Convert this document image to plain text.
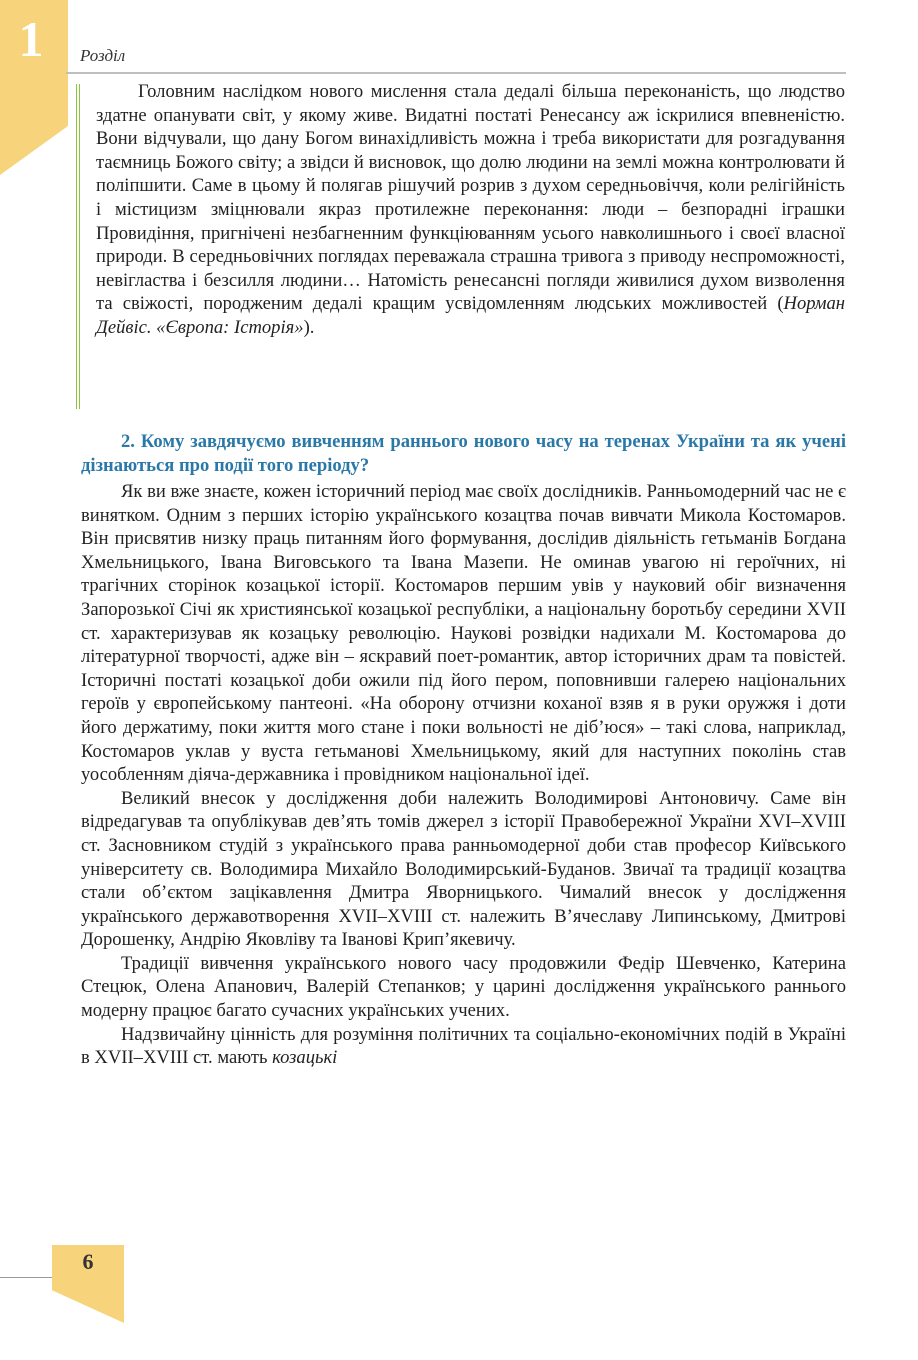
1	Розділ

Головним наслідком нового мислення стала дедалі більша переконаність, що людство здатне опанувати світ, у якому живе. Видатні постаті Ренесансу аж іскрилися впевненістю. Вони відчували, що дану Богом винахідливість можна і треба використати для розгадування таємниць Божого світу; а звідси й висновок, що долю людини на землі можна контролювати й поліпшити. Саме в цьому й полягав рішучий розрив з духом середньовіччя, коли релігійність і містицизм зміцнювали якраз протилежне переконання: люди – безпорадні іграшки Провидіння, пригнічені незбагненним функціюванням усього навколишнього і своєї власної природи. В середньовічних поглядах переважала страшна тривога з приводу неспроможності, невігластва і безсилля людини… Натомість ренесансні погляди живилися духом визволення та свіжості, породженим дедалі кращим усвідомленням людських можливостей (Норман Дейвіс. «Європа: Історія»).

2. Кому завдячуємо вивченням раннього нового часу на теренах України та як учені дізнаються про події того періоду?

Як ви вже знаєте, кожен історичний період має своїх дослідників. Ранньомодерний час не є винятком. Одним з перших історію українського козацтва почав вивчати Микола Костомаров. Він присвятив низку праць питанням його формування, дослідив діяльність гетьманів Богдана Хмельницького, Івана Виговського та Івана Мазепи. Не оминав увагою ні героїчних, ні трагічних сторінок козацької історії. Костомаров першим увів у науковий обіг визначення Запорозької Січі як християнської козацької республіки, а національну боротьбу середини XVII ст. характеризував як козацьку революцію. Наукові розвідки надихали М. Костомарова до літературної творчості, адже він – яскравий поет-романтик, автор історичних драм та повістей. Історичні постаті козацької доби ожили під його пером, поповнивши галерею національних героїв у європейському пантеоні. «На оборону отчизни коханої взяв я в руки оружжя і доти його держатиму, поки життя мого стане і поки вольності не діб’юся» – такі слова, наприклад, Костомаров уклав у вуста гетьманові Хмельницькому, який для наступних поколінь став уособленням діяча-державника і провідником національної ідеї.

Великий внесок у дослідження доби належить Володимирові Антоновичу. Саме він відредагував та опублікував дев’ять томів джерел з історії Правобережної України XVI–XVIII ст. Засновником студій з українського права ранньомодерної доби став професор Київського університету св. Володимира Михайло Володимирський-Буданов. Звичаї та традиції козацтва стали об’єктом зацікавлення Дмитра Яворницького. Чималий внесок у дослідження українського державотворення XVII–XVIII ст. належить В’ячеславу Липинському, Дмитрові Дорошенку, Андрію Яковліву та Іванові Крип’якевичу.

Традиції вивчення українського нового часу продовжили Федір Шевченко, Катерина Стецюк, Олена Апанович, Валерій Степанков; у царині дослідження українського раннього модерну працює багато сучасних українських учених.

Надзвичайну цінність для розуміння політичних та соціально-економічних подій в Україні в XVII–XVIII ст. мають козацькі

6
